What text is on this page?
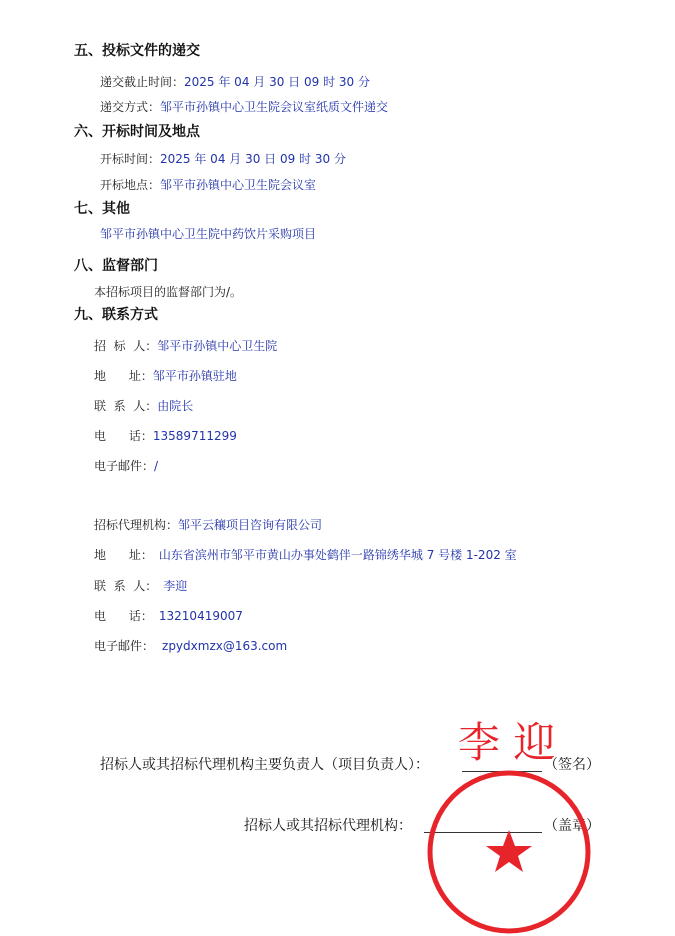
五、投标文件的递交
递交截止时间：2025 年 04 月 30 日 09 时 30 分
递交方式：邹平市孙镇中心卫生院会议室纸质文件递交
六、开标时间及地点
开标时间：2025 年 04 月 30 日 09 时 30 分
开标地点：邹平市孙镇中心卫生院会议室
七、其他
邹平市孙镇中心卫生院中药饮片采购项目
八、监督部门
本招标项目的监督部门为/。
九、联系方式
招  标  人：邹平市孙镇中心卫生院
地      址：邹平市孙镇驻地
联  系  人：由院长
电      话：13589711299
电子邮件：/
招标代理机构：邹平云穰项目咨询有限公司
地      址： 山东省滨州市邹平市黄山办事处鹤伴一路锦绣华城 7 号楼 1-202 室
联  系  人： 李迎
电      话： 13210419007
电子邮件： zpydxmzx@163.com
李 迎
招标人或其招标代理机构主要负责人（项目负责人）：	（签名）
招标人或其招标代理机构：	（盖章）
